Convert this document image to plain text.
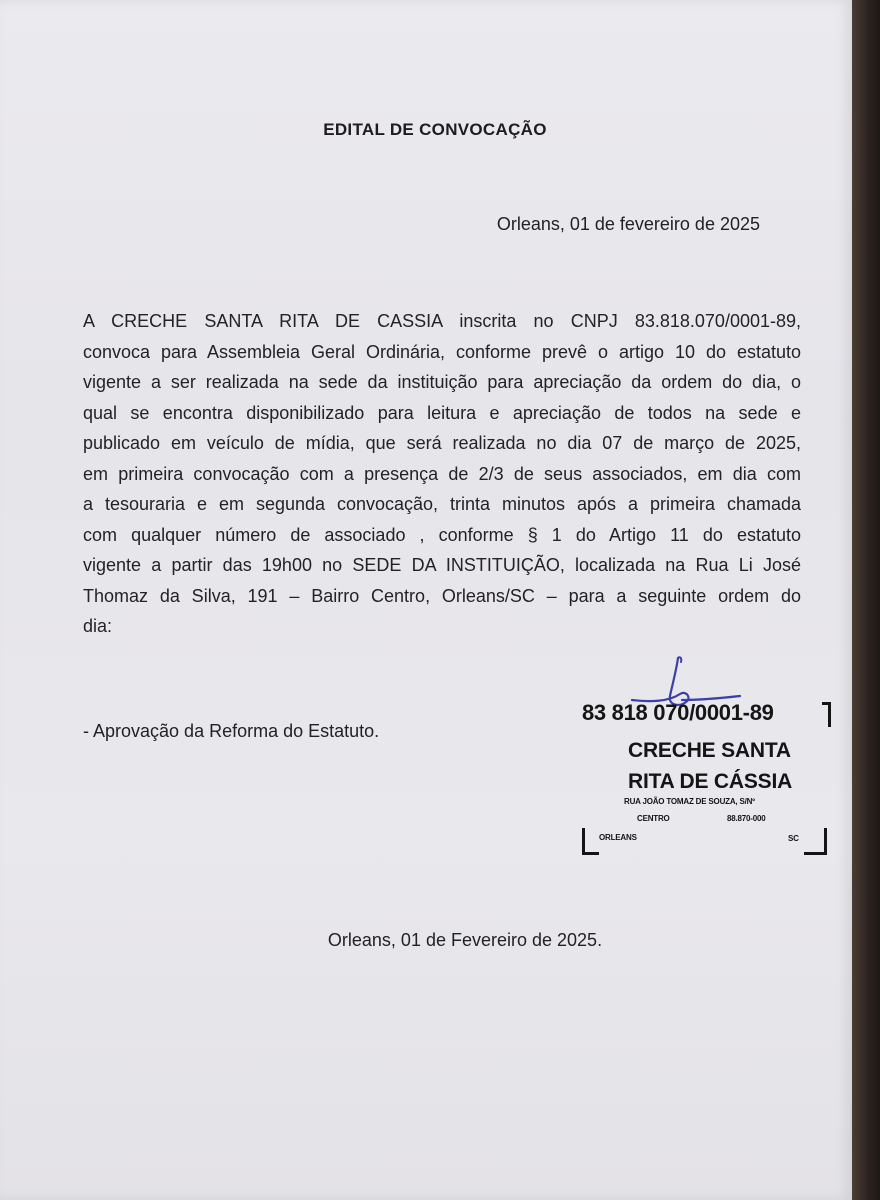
EDITAL DE CONVOCAÇÃO
Orleans, 01 de fevereiro de 2025
A CRECHE SANTA RITA DE CASSIA inscrita no CNPJ 83.818.070/0001-89,
convoca para Assembleia Geral Ordinária, conforme prevê o artigo 10 do estatuto
vigente a ser realizada na sede da instituição para apreciação da ordem do dia, o
qual se encontra disponibilizado para leitura e apreciação de todos na sede e
publicado em veículo de mídia, que será realizada no dia 07 de março de 2025,
em primeira convocação com a presença de 2/3 de seus associados, em dia com
a tesouraria e em segunda convocação, trinta minutos após a primeira chamada
com qualquer número de associado , conforme § 1 do Artigo 11 do estatuto
vigente a partir das 19h00 no SEDE DA INSTITUIÇÃO, localizada na Rua Li José
Thomaz da Silva, 191 – Bairro Centro, Orleans/SC – para a seguinte ordem do
dia:
- Aprovação da Reforma do Estatuto.
83 818 070/0001-89
CRECHE SANTA
RITA DE CÁSSIA
RUA JOÃO TOMAZ DE SOUZA, S/Nº
CENTRO	88.870-000
ORLEANS	SC
Orleans, 01 de Fevereiro de 2025.
